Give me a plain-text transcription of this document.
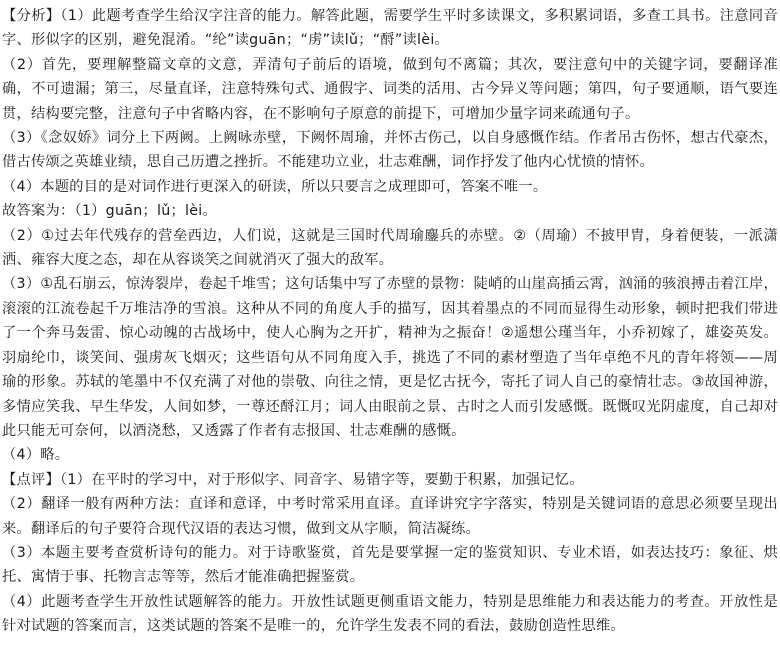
【分析】（1）此题考查学生给汉字注音的能力。解答此题，需要学生平时多读课文，多积累词语，多查工具书。注意同音字、形似字的区别，避免混淆。“纶”读guān；“虏”读lǔ；“酹”读lèi。

（2）首先，要理解整篇文章的文意，弄清句子前后的语境，做到句不离篇；其次，要注意句中的关键字词，要翻译准确，不可遗漏；第三，尽量直译，注意特殊句式、通假字、词类的活用、古今异义等问题；第四，句子要通顺，语气要连贯，结构要完整，注意句子中省略内容，在不影响句子原意的前提下，可增加少量字词来疏通句子。

（3）《念奴娇》词分上下两阙。上阙咏赤壁，下阙怀周瑜，并怀古伤己，以自身感慨作结。作者吊古伤怀，想古代豪杰，借古传颂之英雄业绩，思自己历遭之挫折。不能建功立业，壮志难酬，词作抒发了他内心忧愤的情怀。

（4）本题的目的是对词作进行更深入的研读，所以只要言之成理即可，答案不唯一。

故答案为：（1）guān；lǔ；lèi。

（2）①过去年代残存的营垒西边，人们说，这就是三国时代周瑜鏖兵的赤壁。②（周瑜）不披甲胄，身着便装，一派潇洒、雍容大度之态，却在从容谈笑之间就消灭了强大的敌军。

（3）①乱石崩云，惊涛裂岸，卷起千堆雪；这句话集中写了赤壁的景物：陡峭的山崖高插云霄，汹涌的骇浪搏击着江岸，滚滚的江流卷起千万堆洁净的雪浪。这种从不同的角度人手的描写，因其着墨点的不同而显得生动形象，顿时把我们带进了一个奔马轰雷、惊心动魄的古战场中，使人心胸为之开扩，精神为之振奋！②遥想公瑾当年，小乔初嫁了，雄姿英发。羽扇纶巾，谈笑间、强虏灰飞烟灭；这些语句从不同角度入手，挑选了不同的素材塑造了当年卓绝不凡的青年将领——周瑜的形象。苏轼的笔墨中不仅充满了对他的崇敬、向往之情，更是忆古抚今，寄托了词人自己的豪情壮志。③故国神游，多情应笑我、早生华发，人间如梦，一尊还酹江月；词人由眼前之景、古时之人而引发感慨。既慨叹光阴虚度，自己却对此只能无可奈何，以酒浇愁，又透露了作者有志报国、壮志难酬的感慨。

（4）略。

【点评】（1）在平时的学习中，对于形似字、同音字、易错字等，要勤于积累，加强记忆。

（2）翻译一般有两种方法：直译和意译，中考时常采用直译。直译讲究字字落实，特别是关键词语的意思必须要呈现出来。翻译后的句子要符合现代汉语的表达习惯，做到文从字顺，简洁凝练。

（3）本题主要考查赏析诗句的能力。对于诗歌鉴赏，首先是要掌握一定的鉴赏知识、专业术语，如表达技巧：象征、烘托、寓情于事、托物言志等等，然后才能准确把握鉴赏。

（4）此题考查学生开放性试题解答的能力。开放性试题更侧重语文能力，特别是思维能力和表达能力的考查。开放性是针对试题的答案而言，这类试题的答案不是唯一的，允许学生发表不同的看法，鼓励创造性思维。
